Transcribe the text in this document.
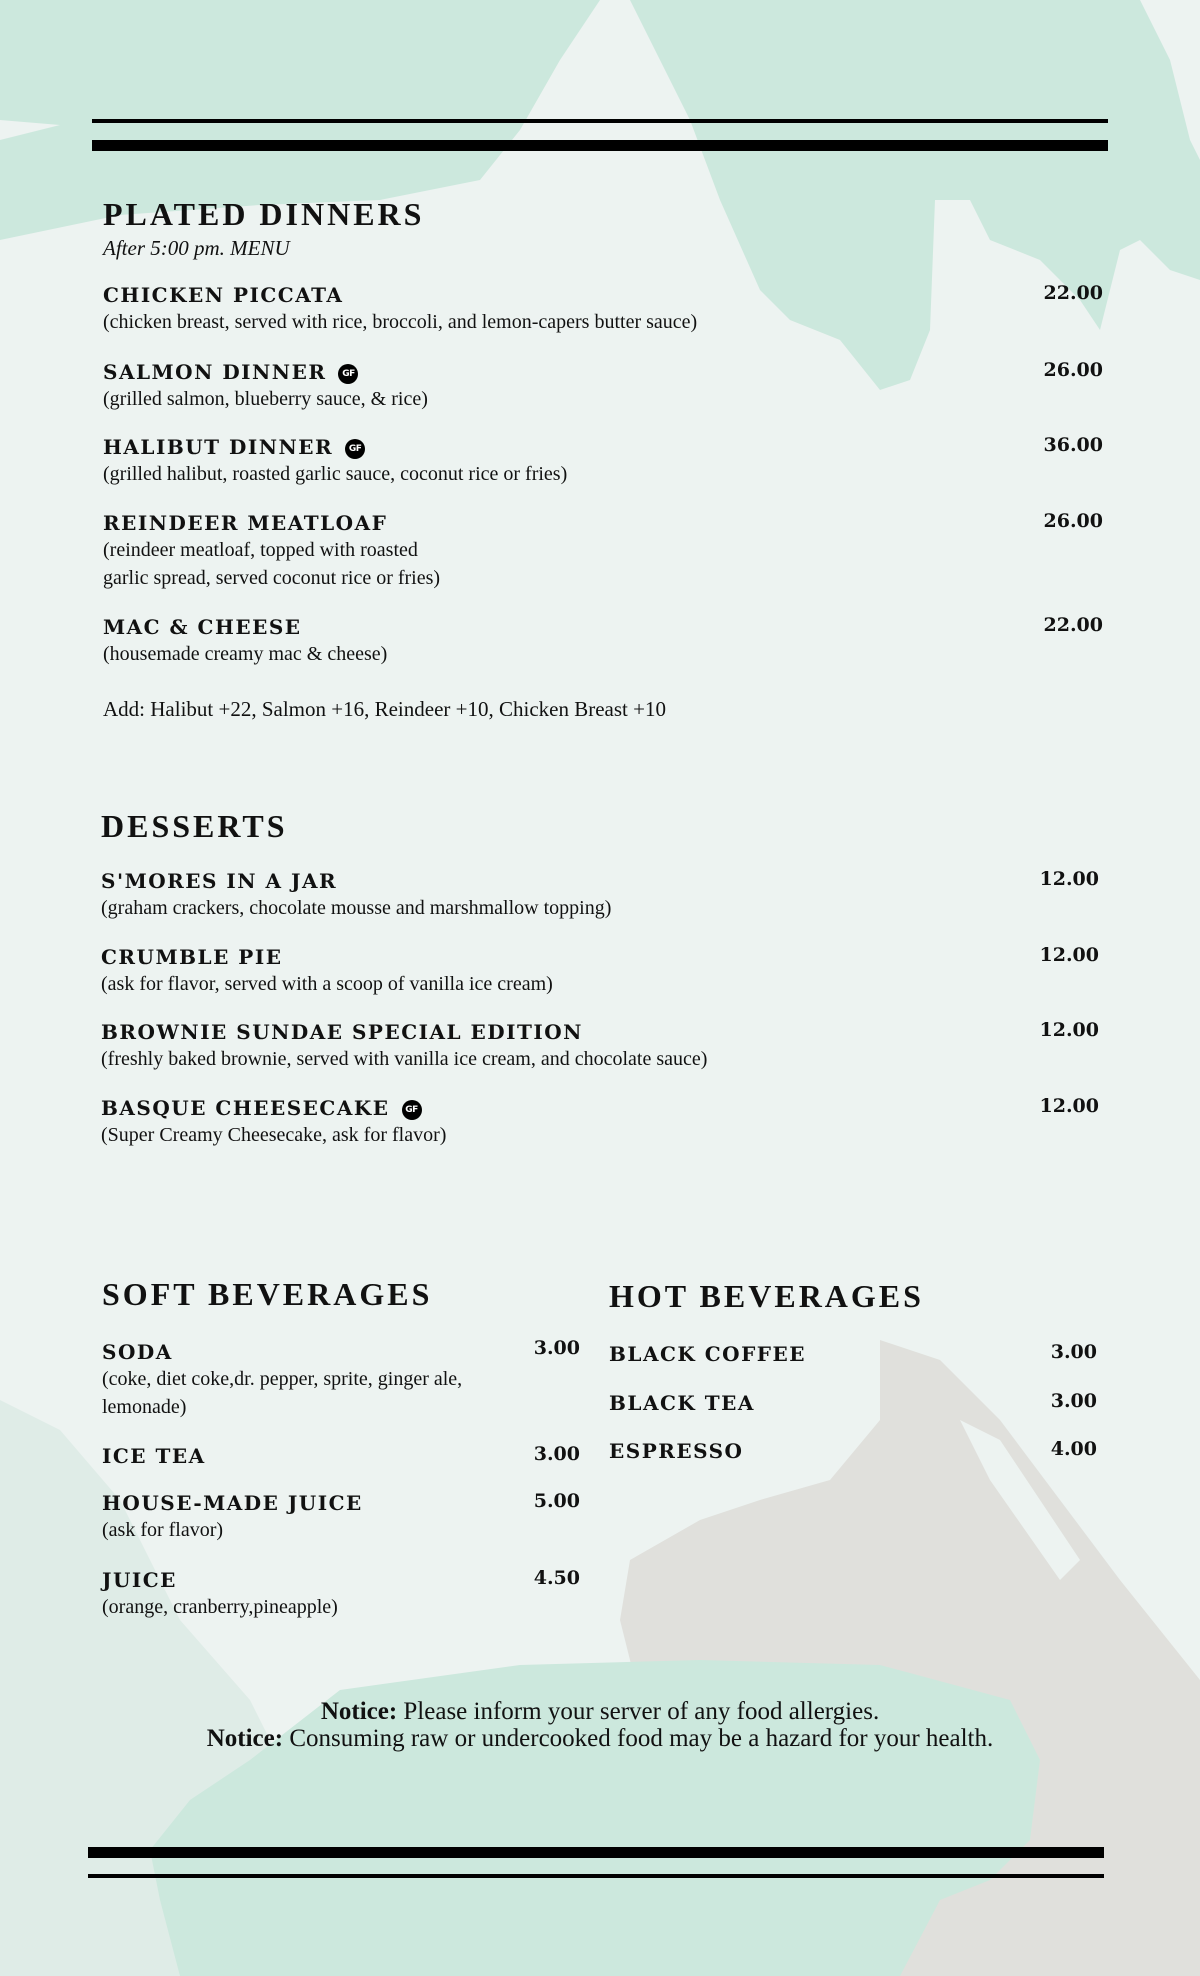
PLATED DINNERS
After 5:00 pm. MENU
CHICKEN PICCATA
(chicken breast, served with rice, broccoli, and lemon-capers butter sauce)
22.00
SALMON DINNER GF
(grilled salmon, blueberry sauce, & rice)
26.00
HALIBUT DINNER GF
(grilled halibut, roasted garlic sauce, coconut rice or fries)
36.00
REINDEER MEATLOAF
(reindeer meatloaf, topped with roasted
garlic spread, served coconut rice or fries)
26.00
MAC & CHEESE
(housemade creamy mac & cheese)
22.00
Add: Halibut +22, Salmon +16, Reindeer +10, Chicken Breast +10
DESSERTS
S'MORES IN A JAR
(graham crackers, chocolate mousse and marshmallow topping)
12.00
CRUMBLE PIE
(ask for flavor, served with a scoop of vanilla ice cream)
12.00
BROWNIE SUNDAE SPECIAL EDITION
(freshly baked brownie, served with vanilla ice cream, and chocolate sauce)
12.00
BASQUE CHEESECAKE GF
(Super Creamy Cheesecake, ask for flavor)
12.00
SOFT BEVERAGES
SODA
(coke, diet coke,dr. pepper, sprite, ginger ale,
lemonade)
3.00
ICE TEA	3.00
HOUSE-MADE JUICE
(ask for flavor)
5.00
JUICE
(orange, cranberry,pineapple)
4.50
HOT BEVERAGES
BLACK COFFEE	3.00
BLACK TEA	3.00
ESPRESSO	4.00
Notice: Please inform your server of any food allergies.
Notice: Consuming raw or undercooked food may be a hazard for your health.
